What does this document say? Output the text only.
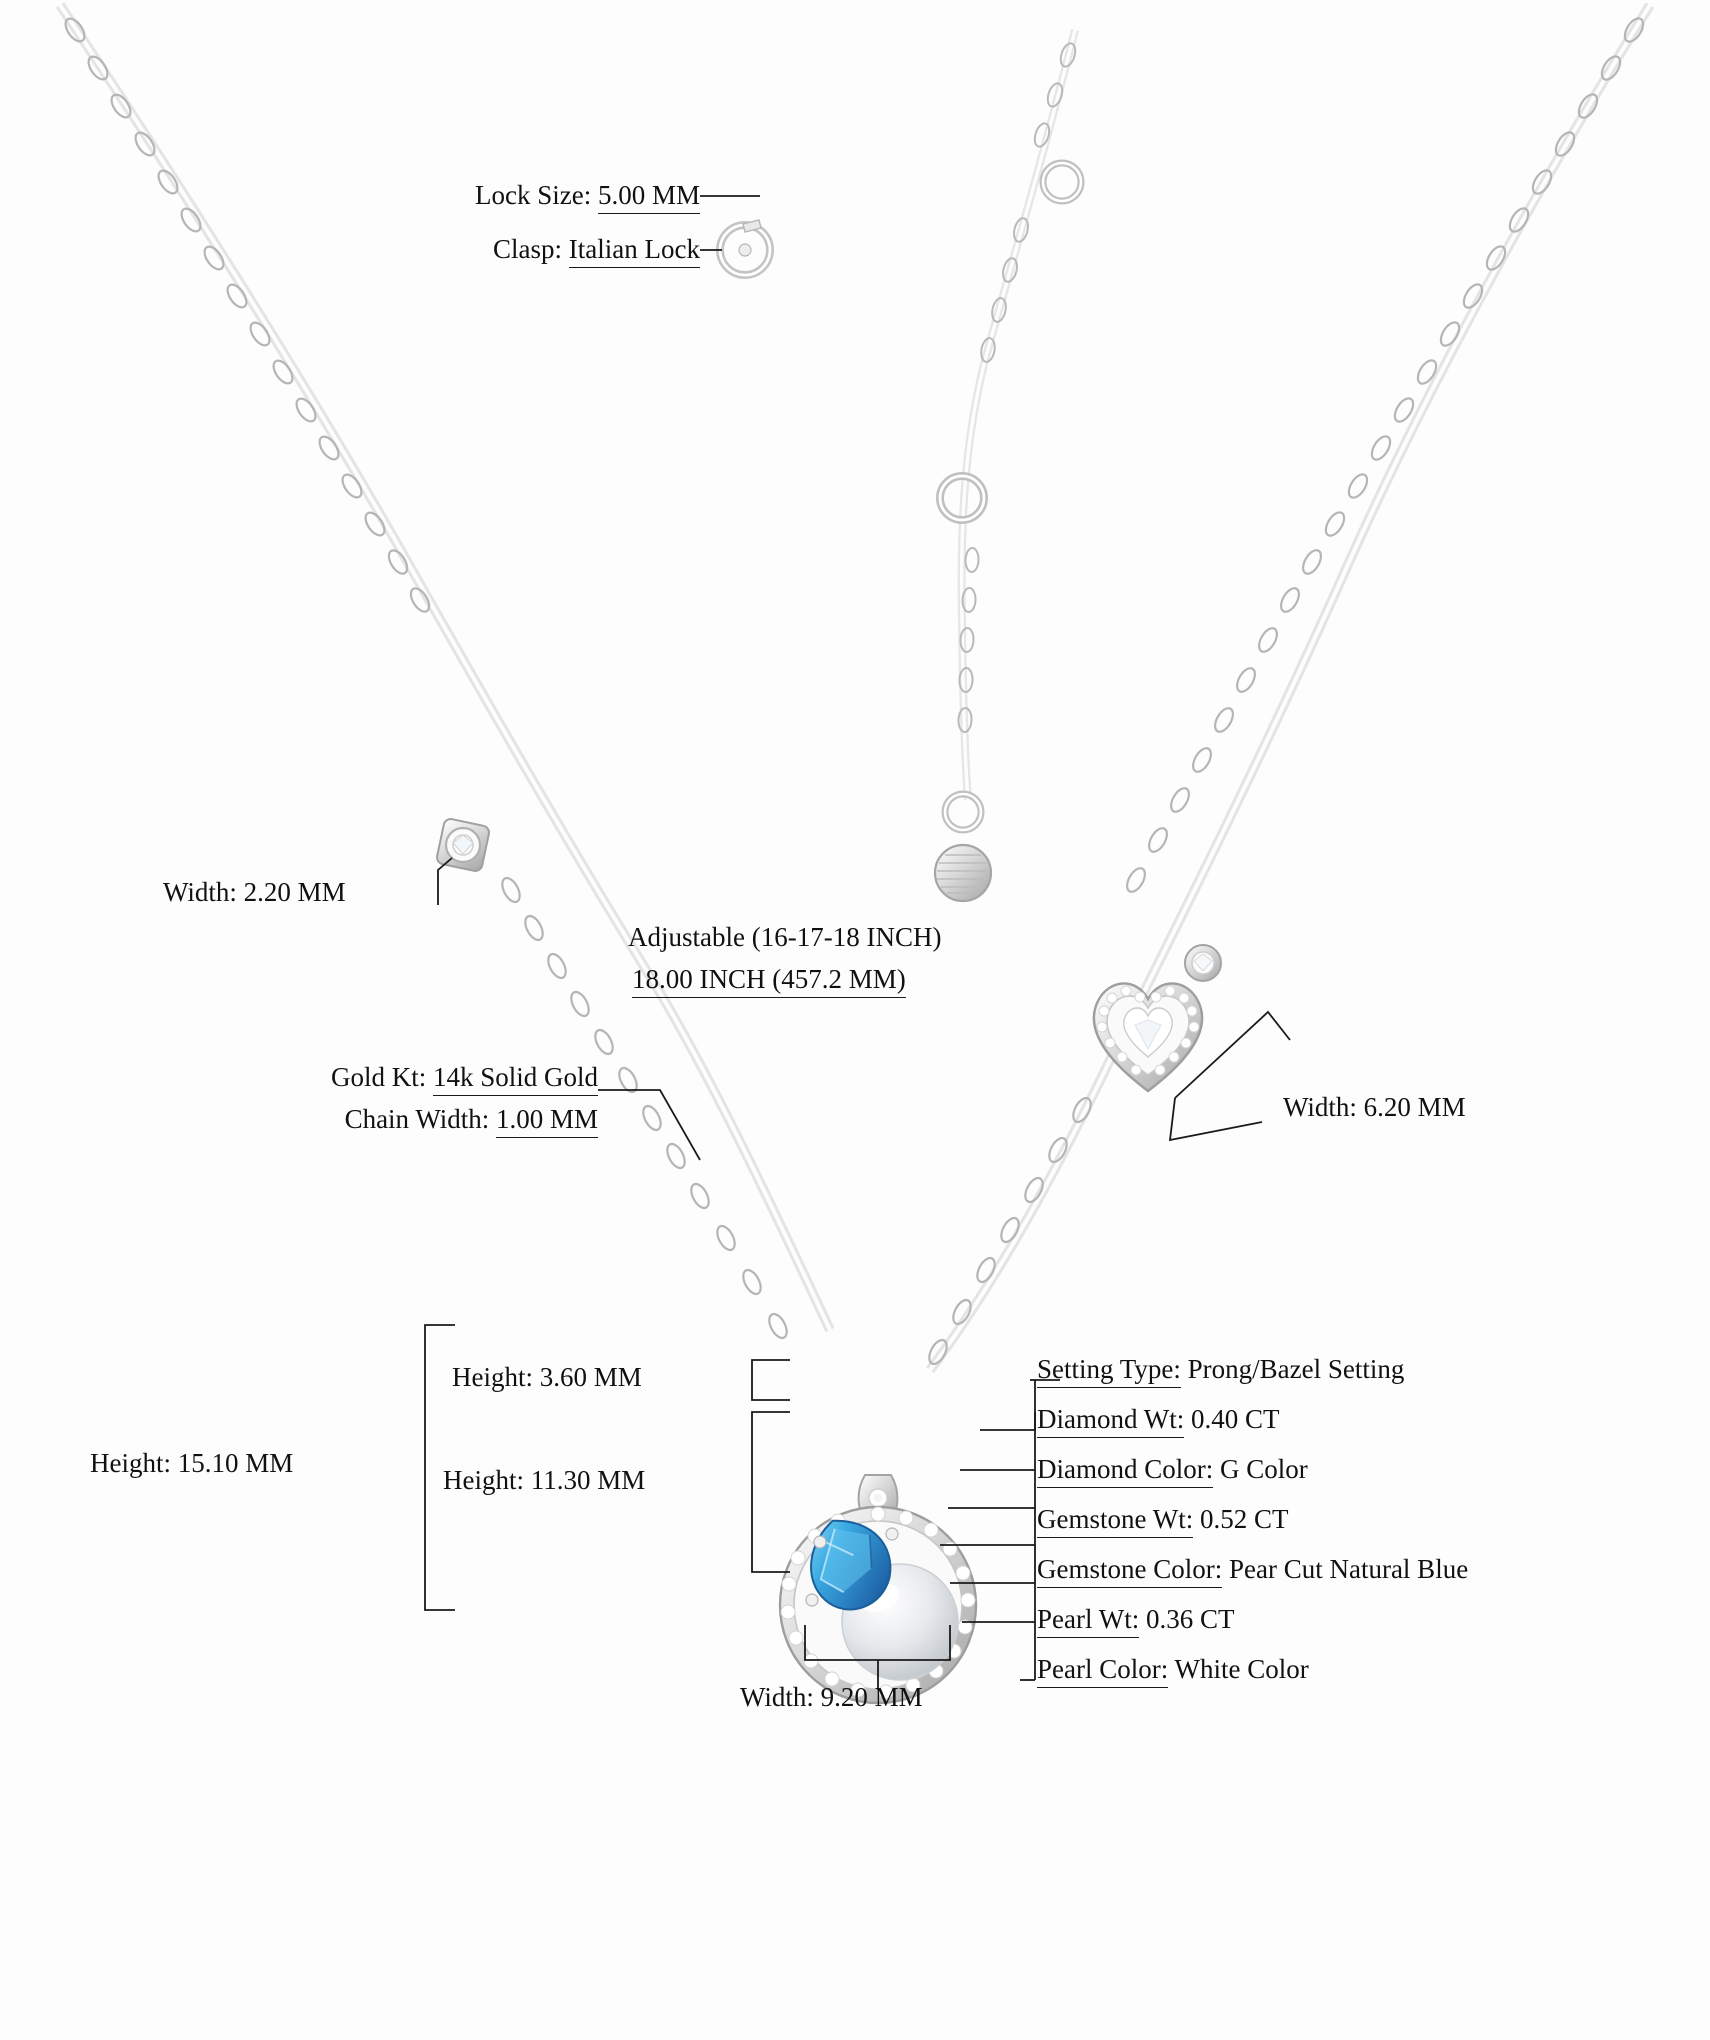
Lock Size: 5.00 MM
Clasp: Italian Lock
Width: 2.20 MM
Adjustable (16-17-18 INCH)
18.00 INCH (457.2 MM)
Gold Kt: 14k Solid Gold
Chain Width: 1.00 MM	Width: 6.20 MM
Height: 3.60 MM
Height: 15.10 MM
Height: 11.30 MM
Width: 9.20 MM
Setting Type: Prong/Bazel Setting
Diamond Wt: 0.40 CT
Diamond Color: G Color
Gemstone Wt: 0.52 CT
Gemstone Color: Pear Cut Natural Blue
Pearl Wt: 0.36 CT
Pearl Color: White Color
